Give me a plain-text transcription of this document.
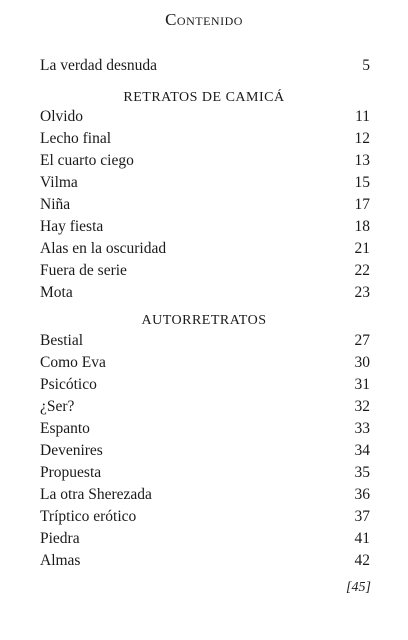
Contenido
La verdad desnuda	5
RETRATOS DE CAMICÁ
Olvido	11
Lecho final	12
El cuarto ciego	13
Vilma	15
Niña	17
Hay fiesta	18
Alas en la oscuridad	21
Fuera de serie	22
Mota	23
AUTORRETRATOS
Bestial	27
Como Eva	30
Psicótico	31
¿Ser?	32
Espanto	33
Devenires	34
Propuesta	35
La otra Sherezada	36
Tríptico erótico	37
Piedra	41
Almas	42
[45]
